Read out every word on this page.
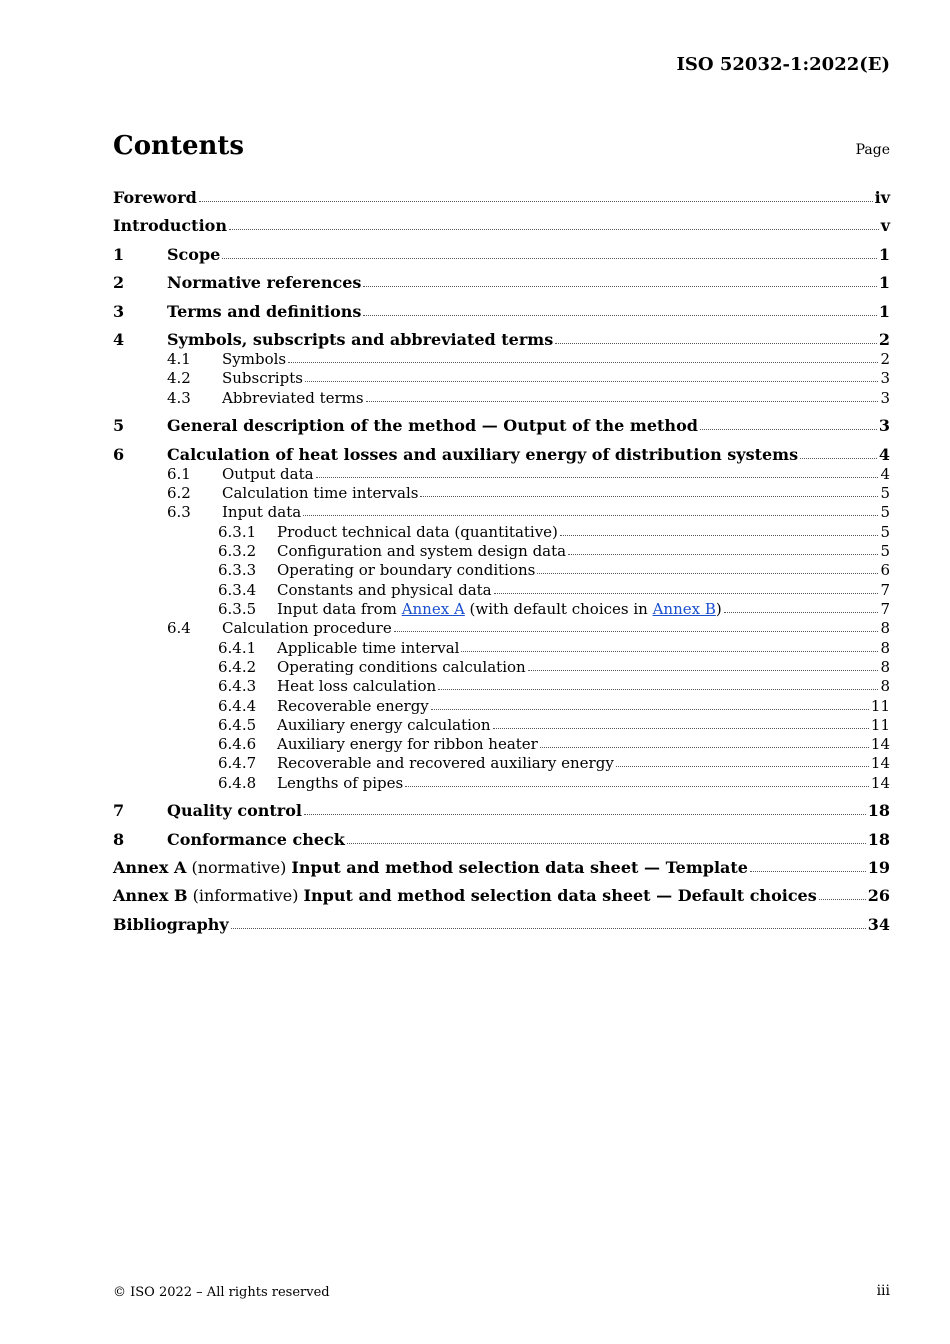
ISO 52032-1:2022(E)
Contents	Page
Foreword	iv
Introduction	v
1	Scope	1
2	Normative references	1
3	Terms and definitions	1
4	Symbols, subscripts and abbreviated terms	2
4.1	Symbols	2
4.2	Subscripts	3
4.3	Abbreviated terms	3
5	General description of the method — Output of the method	3
6	Calculation of heat losses and auxiliary energy of distribution systems	4
6.1	Output data	4
6.2	Calculation time intervals	5
6.3	Input data	5
6.3.1	Product technical data (quantitative)	5
6.3.2	Configuration and system design data	5
6.3.3	Operating or boundary conditions	6
6.3.4	Constants and physical data	7
6.3.5	Input data from Annex A (with default choices in Annex B)	7
6.4	Calculation procedure	8
6.4.1	Applicable time interval	8
6.4.2	Operating conditions calculation	8
6.4.3	Heat loss calculation	8
6.4.4	Recoverable energy	11
6.4.5	Auxiliary energy calculation	11
6.4.6	Auxiliary energy for ribbon heater	14
6.4.7	Recoverable and recovered auxiliary energy	14
6.4.8	Lengths of pipes	14
7	Quality control	18
8	Conformance check	18
Annex A (normative) Input and method selection data sheet — Template	19
Annex B (informative) Input and method selection data sheet — Default choices	26
Bibliography	34
© ISO 2022 – All rights reserved	iii
